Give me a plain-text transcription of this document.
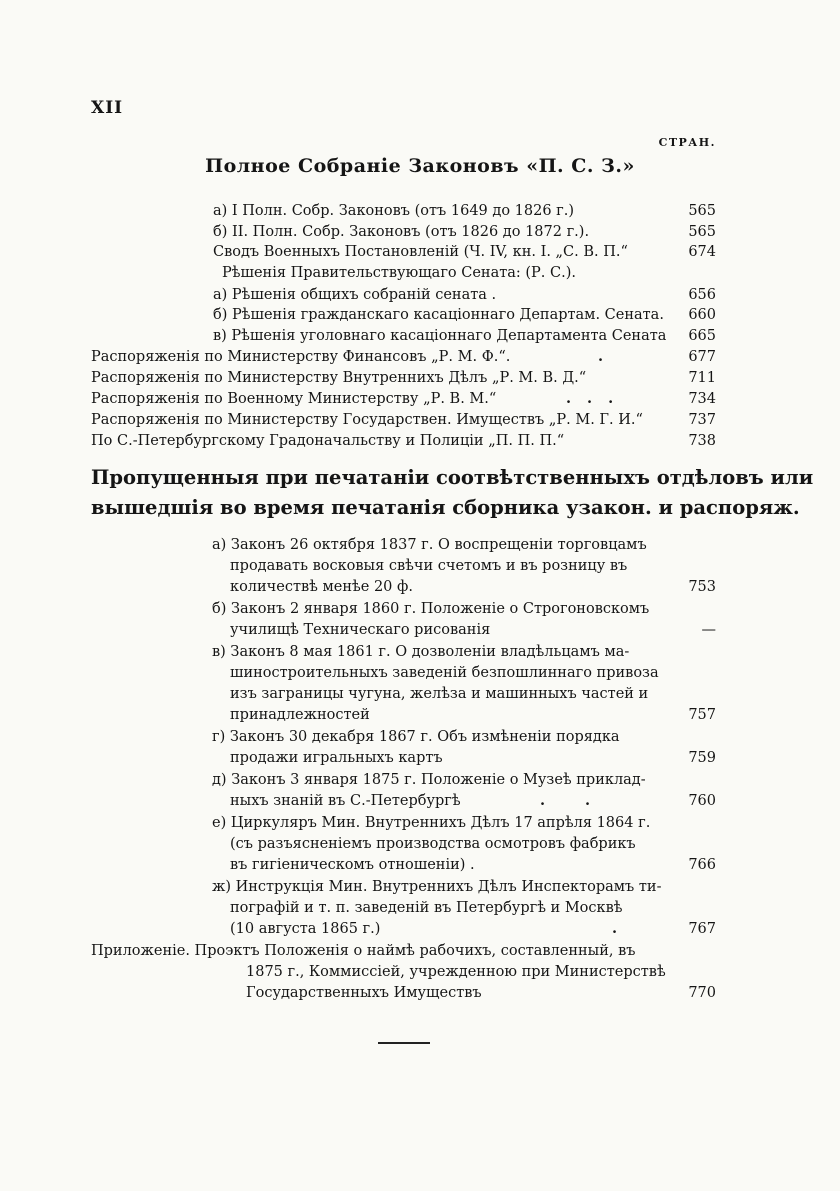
XII
СТРАН.
Полное Собраніе Законовъ «П. С. З.»
а) I Полн. Собр. Законовъ (отъ 1649 до 1826 г.)	565
б) II. Полн. Собр. Законовъ (отъ 1826 до 1872 г.).	565
Сводъ Военныхъ Постановленій (Ч. IV, кн. I. „С. В. П.“	674
Рѣшенія Правительствующаго Сената: (Р. С.).
а) Рѣшенія общихъ собраній сената .	656
б) Рѣшенія гражданскаго касаціоннаго Департам. Сената.	660
в) Рѣшенія уголовнаго касаціоннаго Департамента Сената	665
Распоряженія по Министерству Финансовъ „Р. М. Ф.“.	.	677
Распоряженія по Министерству Внутреннихъ Дѣлъ „Р. М. В. Д.“	711
Распоряженія по Военному Министерству „Р. В. М.“	...	734
Распоряженія по Министерству Государствен. Имуществъ „Р. М. Г. И.“	737
По С.-Петербургскому Градоначальству и Полиціи „П. П. П.“	738
Пропущенныя при печатаніи соотвѣтственныхъ отдѣловъ или
вышедшія во время печатанія сборника узакон. и распоряж.
а) Законъ 26 октября 1837 г. О воспрещеніи торговцамъ
продавать восковыя свѣчи счетомъ и въ розницу въ
количествѣ менѣе 20 ф.	753
б) Законъ 2 января 1860 г. Положеніе о Строгоновскомъ
училищѣ Техническаго рисованія	—
в) Законъ 8 мая 1861 г. О дозволеніи владѣльцамъ ма-
шиностроительныхъ заведеній безпошлиннаго привоза
изъ заграницы чугуна, желѣза и машинныхъ частей и
принадлежностей	757
г) Законъ 30 декабря 1867 г. Объ измѣненіи порядка
продажи игральныхъ картъ	759
д) Законъ 3 января 1875 г. Положеніе о Музеѣ приклад-
ныхъ знаній въ С.-Петербургѣ	..	760
е) Циркуляръ Мин. Внутреннихъ Дѣлъ 17 апрѣля 1864 г.
(съ разъясненіемъ производства осмотровъ фабрикъ
въ гигіеническомъ отношеніи) .	766
ж) Инструкція Мин. Внутреннихъ Дѣлъ Инспекторамъ ти-
пографій и т. п. заведеній въ Петербургѣ и Москвѣ
(10 августа 1865 г.)	.	767
Приложеніе. Проэктъ Положенія о наймѣ рабочихъ, составленный, въ
1875 г., Коммиссіей, учрежденною при Министерствѣ
Государственныхъ Имуществъ	770
